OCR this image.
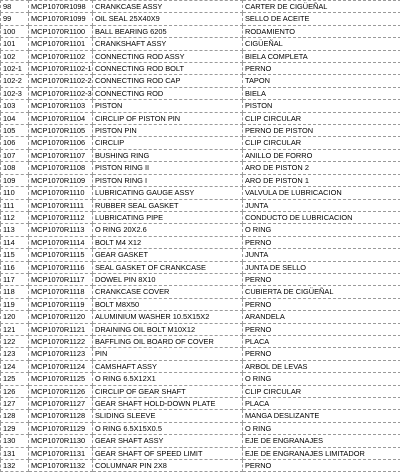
98	MCP1070R1098	CRANKCASE ASSY	CARTER DE CIGÜEÑAL
99	MCP1070R1099	OIL SEAL 25X40X9	SELLO DE ACEITE
100	MCP1070R1100	BALL BEARING 6205	RODAMIENTO
101	MCP1070R1101	CRANKSHAFT ASSY	CIGÜEÑAL
102	MCP1070R1102	CONNECTING ROD ASSY	BIELA COMPLETA
102-1	MCP1070R1102-1	CONNECTING ROD BOLT	PERNO
102-2	MCP1070R1102-2	CONNECTING ROD CAP	TAPON
102-3	MCP1070R1102-3	CONNECTING ROD	BIELA
103	MCP1070R1103	PISTON	PISTON
104	MCP1070R1104	CIRCLIP OF PISTON PIN	CLIP CIRCULAR
105	MCP1070R1105	PISTON PIN	PERNO DE PISTON
106	MCP1070R1106	CIRCLIP	CLIP CIRCULAR
107	MCP1070R1107	BUSHING RING	ANILLO DE FORRO
108	MCP1070R1108	PISTON RING II	ARO DE PISTON 2
109	MCP1070R1109	PISTON RING I	ARO DE PISTON 1
110	MCP1070R1110	LUBRICATING GAUGE ASSY	VALVULA DE LUBRICACION
111	MCP1070R1111	RUBBER SEAL GASKET	JUNTA
112	MCP1070R1112	LUBRICATING PIPE	CONDUCTO DE LUBRICACION
113	MCP1070R1113	O RING 20X2.6	O RING
114	MCP1070R1114	BOLT M4 X12	PERNO
115	MCP1070R1115	GEAR GASKET	JUNTA
116	MCP1070R1116	SEAL GASKET OF CRANKCASE	JUNTA DE SELLO
117	MCP1070R1117	DOWEL PIN 8X10	PERNO
118	MCP1070R1118	CRANKCASE COVER	CUBIERTA DE CIGÜEÑAL
119	MCP1070R1119	BOLT M8X50	PERNO
120	MCP1070R1120	ALUMINIUM WASHER 10.5X15X2	ARANDELA
121	MCP1070R1121	DRAINING OIL BOLT M10X12	PERNO
122	MCP1070R1122	BAFFLING OIL BOARD OF COVER	PLACA
123	MCP1070R1123	PIN	PERNO
124	MCP1070R1124	CAMSHAFT ASSY	ARBOL DE LEVAS
125	MCP1070R1125	O RING 6.5X12X1	O RING
126	MCP1070R1126	CIRCLIP OF GEAR SHAFT	CLIP CIRCULAR
127	MCP1070R1127	GEAR SHAFT HOLD-DOWN PLATE	PLACA
128	MCP1070R1128	SLIDING SLEEVE	MANGA DESLIZANTE
129	MCP1070R1129	O RING 6.5X15X0.5	O RING
130	MCP1070R1130	GEAR SHAFT ASSY	EJE DE ENGRANAJES
131	MCP1070R1131	GEAR SHAFT OF SPEED LIMIT	EJE DE ENGRANAJES LIMITADOR
132	MCP1070R1132	COLUMNAR PIN 2X8	PERNO
